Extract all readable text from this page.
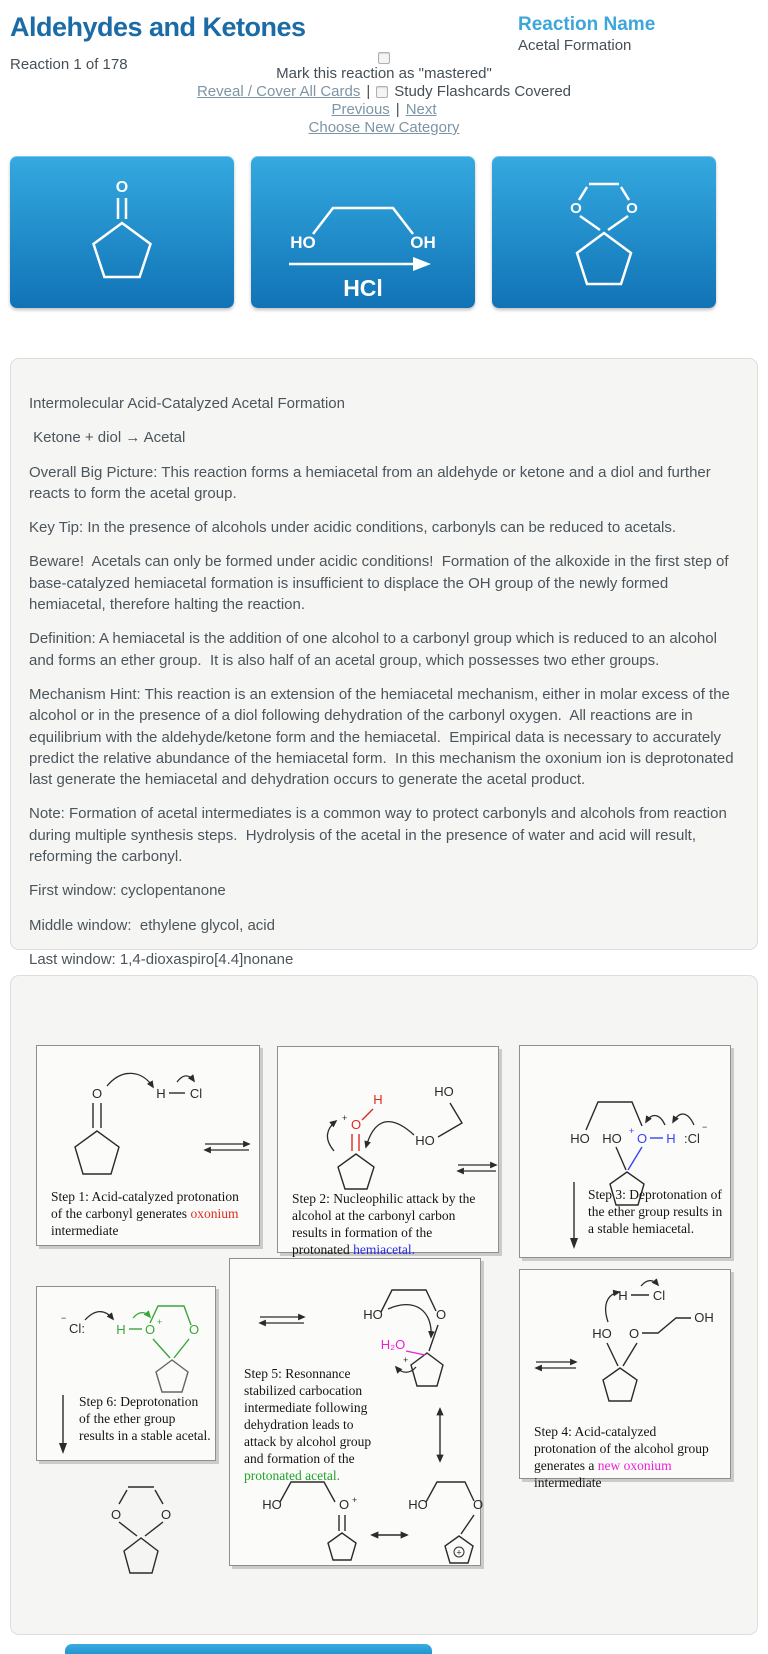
Aldehydes and Ketones
Reaction 1 of 178
Reaction Name
Acetal Formation
Mark this reaction as "mastered"
Reveal / Cover All Cards | Study Flashcards Covered
Previous | Next
Choose New Category
O
HO	OH
HCl
O	O

Intermolecular Acid-Catalyzed Acetal Formation

Ketone + diol → Acetal

Overall Big Picture: This reaction forms a hemiacetal from an aldehyde or ketone and a diol and further reacts to form the acetal group.

Key Tip: In the presence of alcohols under acidic conditions, carbonyls can be reduced to acetals.

Beware!  Acetals can only be formed under acidic conditions!  Formation of the alkoxide in the first step of base-catalyzed hemiacetal formation is insufficient to displace the OH group of the newly formed hemiacetal, therefore halting the reaction.

Definition: A hemiacetal is the addition of one alcohol to a carbonyl group which is reduced to an alcohol and forms an ether group.  It is also half of an acetal group, which possesses two ether groups.

Mechanism Hint: This reaction is an extension of the hemiacetal mechanism, either in molar excess of the alcohol or in the presence of a diol following dehydration of the carbonyl oxygen.  All reactions are in equilibrium with the aldehyde/ketone form and the hemiacetal.  Empirical data is necessary to accurately predict the relative abundance of the hemiacetal form.  In this mechanism the oxonium ion is deprotonated last generate the hemiacetal and dehydration occurs to generate the acetal product.

Note: Formation of acetal intermediates is a common way to protect carbonyls and alcohols from reaction during multiple synthesis steps.  Hydrolysis of the acetal in the presence of water and acid will result, reforming the carbonyl.

First window: cyclopentanone

Middle window:  ethylene glycol, acid

Last window: 1,4-dioxaspiro[4.4]nonane

O	H Cl
Step 1: Acid-catalyzed protonation of the carbonyl generates oxonium intermediate
+ O
H
HO
HO
Step 2: Nucleophilic attack by the alcohol at the carbonyl carbon results in formation of the protonated hemiacetal.
HO HO + O H :Cl
−
Step 3: Deprotonation of the ether group results in a stable hemiacetal.
H Cl
HO O
OH
Step 4: Acid-catalyzed protonation of the alcohol group generates a new oxonium intermediate
HO	O
H₂O
+
HO	O +	HO	O
+
Step 5: Resonnance stabilized carbocation intermediate following dehydration leads to attack by alcohol group and formation of the protonated acetal.
−
Cl: H O + O
Step 6: Deprotonation of the ether group results in a stable acetal.
O	O
